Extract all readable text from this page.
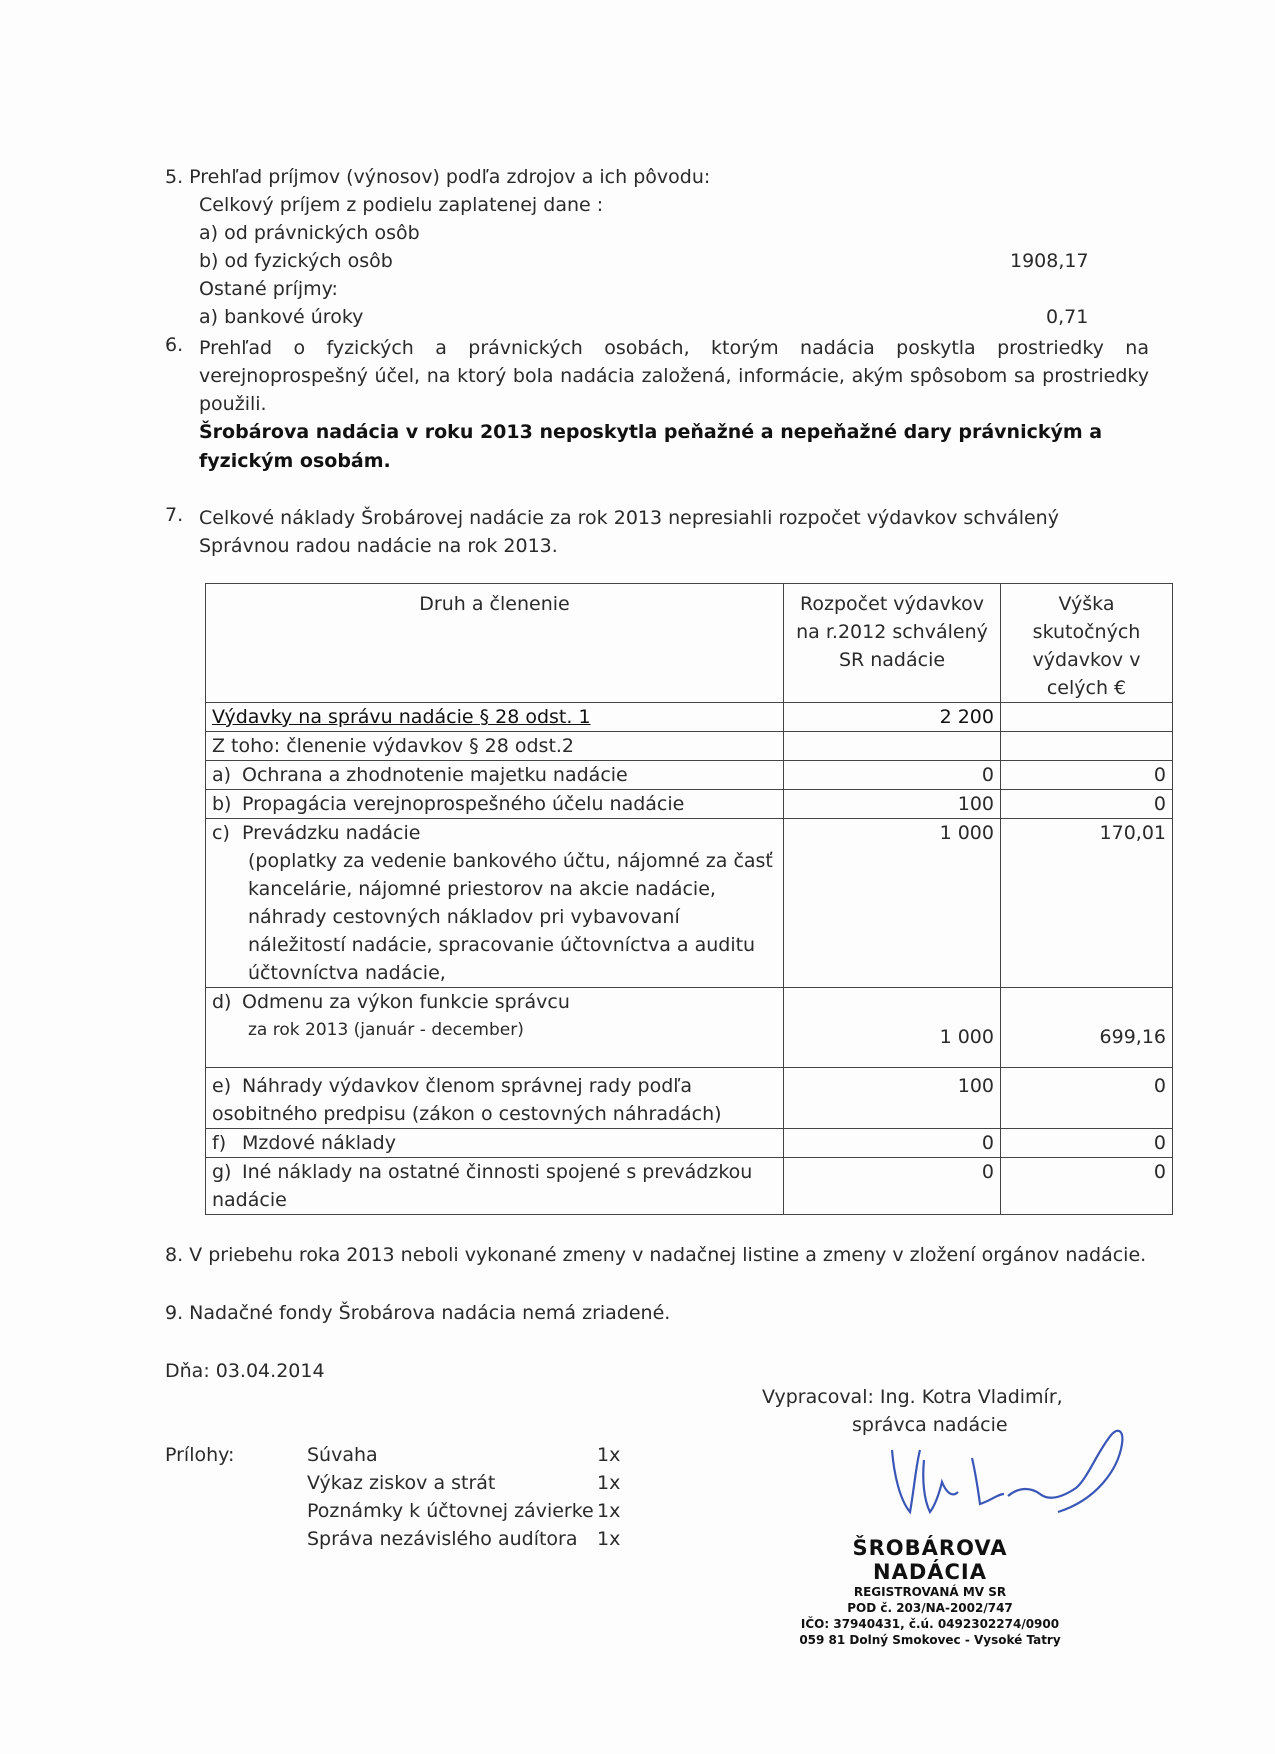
5. Prehľad príjmov (výnosov) podľa zdrojov a ich pôvodu:
Celkový príjem z podielu zaplatenej dane :
a) od právnických osôb
b) od fyzických osôb	1908,17
Ostané príjmy:
a) bankové úroky	0,71
6. Prehľad o fyzických a právnických osobách, ktorým nadácia poskytla prostriedky na verejnoprospešný účel, na ktorý bola nadácia založená, informácie, akým spôsobom sa prostriedky použili.
Šrobárova nadácia v roku 2013 neposkytla peňažné a nepeňažné dary právnickým a fyzickým osobám.
7. Celkové náklady Šrobárovej nadácie za rok 2013 nepresiahli rozpočet výdavkov schválený Správnou radou nadácie na rok 2013.
Druh a členenie	Rozpočet výdavkov na r.2012 schválený SR nadácie	Výška skutočných výdavkov v celých €
Výdavky na správu nadácie § 28 odst. 1	2 200	
Z toho: členenie výdavkov § 28 odst.2		
a) Ochrana a zhodnotenie majetku nadácie	0	0
b) Propagácia verejnoprospešného účelu nadácie	100	0
c) Prevádzku nadácie
(poplatky za vedenie bankového účtu, nájomné za časť kancelárie, nájomné priestorov na akcie nadácie, náhrady cestovných nákladov pri vybavovaní náležitostí nadácie, spracovanie účtovníctva a auditu účtovníctva nadácie,	1 000	170,01
d) Odmenu za výkon funkcie správcu
za rok 2013 (január - december)	1 000	699,16
e) Náhrady výdavkov členom správnej rady podľa osobitného predpisu (zákon o cestovných náhradách)	100	0
f) Mzdové náklady	0	0
g) Iné náklady na ostatné činnosti spojené s prevádzkou nadácie	0	0
8. V priebehu roka 2013 neboli vykonané zmeny v nadačnej listine a zmeny v zložení orgánov nadácie.
9. Nadačné fondy Šrobárova nadácia nemá zriadené.
Dňa: 03.04.2014
Vypracoval: Ing. Kotra Vladimír,
správca nadácie
Prílohy:	Súvaha	1x
Výkaz ziskov a strát	1x
Poznámky k účtovnej závierke 1x
Správa nezávislého audítora 1x	ŠROBÁROVA NADÁCIA
REGISTROVANÁ MV SR
POD č. 203/NA-2002/747
IČO: 37940431, č.ú. 0492302274/0900
059 81 Dolný Smokovec - Vysoké Tatry
